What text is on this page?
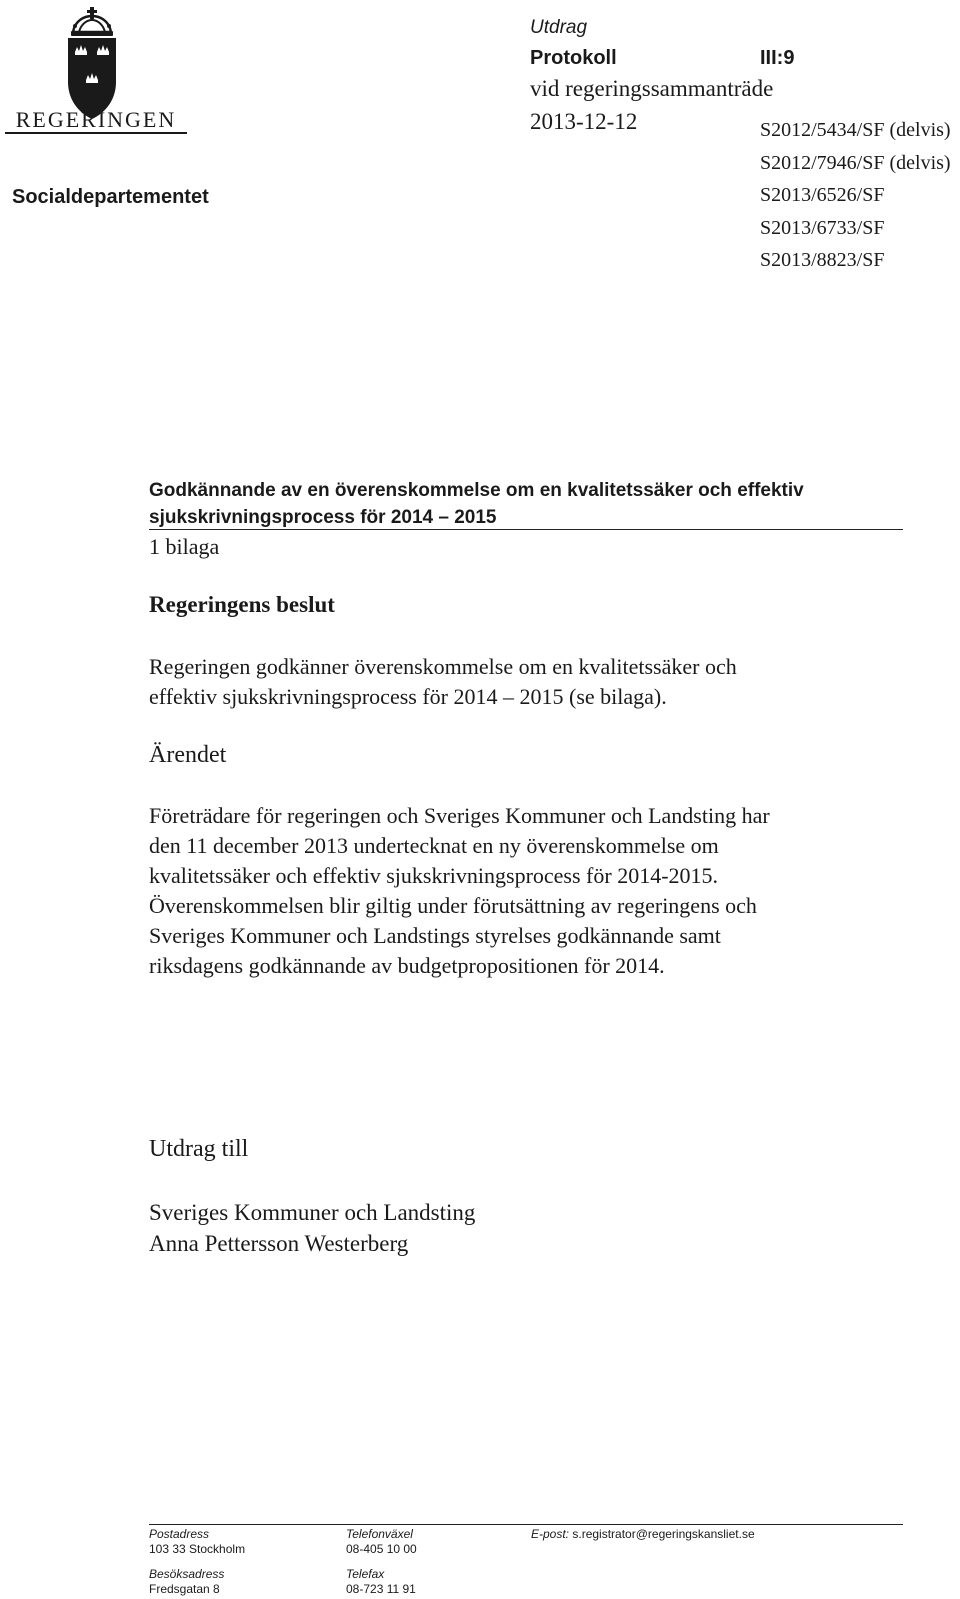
REGERINGEN
Socialdepartementet
Utdrag
Protokoll	III:9
vid regeringssammanträde
2013-12-12	S2012/5434/SF (delvis)
S2012/7946/SF (delvis)
S2013/6526/SF
S2013/6733/SF
S2013/8823/SF
Godkännande av en överenskommelse om en kvalitetssäker och effektiv
sjukskrivningsprocess för 2014 – 2015
1 bilaga
Regeringens beslut
Regeringen godkänner överenskommelse om en kvalitetssäker och
effektiv sjukskrivningsprocess för 2014 – 2015 (se bilaga).
Ärendet
Företrädare för regeringen och Sveriges Kommuner och Landsting har
den 11 december 2013 undertecknat en ny överenskommelse om
kvalitetssäker och effektiv sjukskrivningsprocess för 2014-2015.
Överenskommelsen blir giltig under förutsättning av regeringens och
Sveriges Kommuner och Landstings styrelses godkännande samt
riksdagens godkännande av budgetpropositionen för 2014.
Utdrag till
Sveriges Kommuner och Landsting
Anna Pettersson Westerberg
Postadress
103 33 Stockholm
Besöksadress
Fredsgatan 8
Telefonväxel
08-405 10 00
Telefax
08-723 11 91
E-post: s.registrator@regeringskansliet.se
